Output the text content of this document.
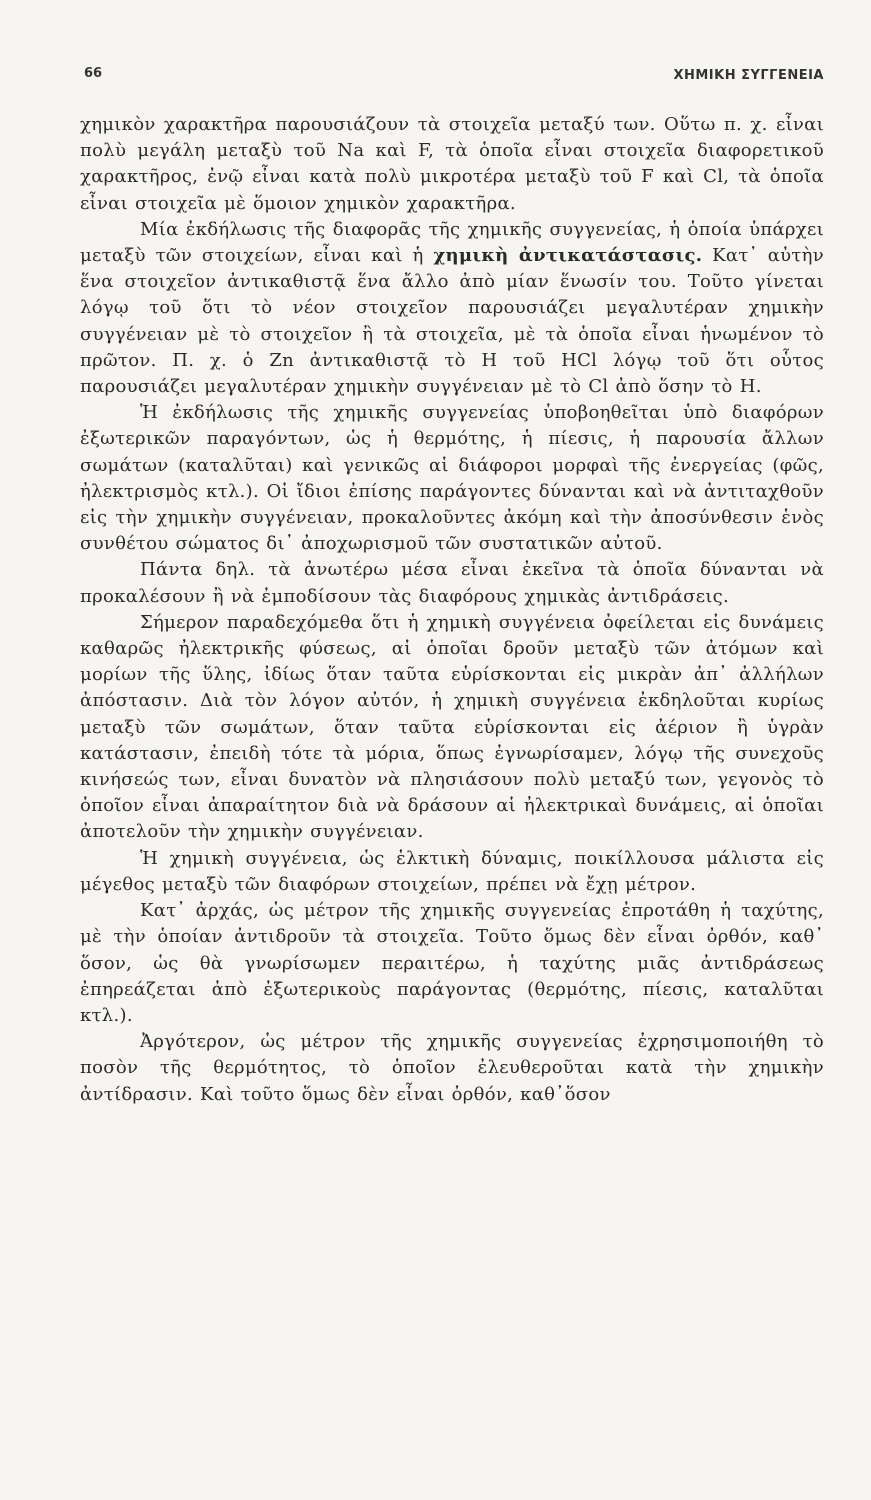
66	ΧΗΜΙΚΗ ΣΥΓΓΕΝΕΙΑ

χημικὸν χαρακτῆρα παρουσιάζουν τὰ στοιχεῖα μεταξύ των. Οὕτω π. χ. εἶναι πολὺ μεγάλη μεταξὺ τοῦ Na καὶ F, τὰ ὁποῖα εἶναι στοιχεῖα διαφορετικοῦ χαρακτῆρος, ἐνῷ εἶναι κατὰ πολὺ μικροτέρα μεταξὺ τοῦ F καὶ Cl, τὰ ὁποῖα εἶναι στοιχεῖα μὲ ὅμοιον χημικὸν χαρακτῆρα.

Μία ἐκδήλωσις τῆς διαφορᾶς τῆς χημικῆς συγγενείας, ἡ ὁποία ὑπάρχει μεταξὺ τῶν στοιχείων, εἶναι καὶ ἡ χημικὴ ἀντικατάστασις. Κατ᾽ αὐτὴν ἕνα στοιχεῖον ἀντικαθιστᾷ ἕνα ἄλλο ἀπὸ μίαν ἕνωσίν του. Τοῦτο γίνεται λόγῳ τοῦ ὅτι τὸ νέον στοιχεῖον παρουσιάζει μεγαλυτέραν χημικὴν συγγένειαν μὲ τὸ στοιχεῖον ἢ τὰ στοιχεῖα, μὲ τὰ ὁποῖα εἶναι ἡνωμένον τὸ πρῶτον. Π. χ. ὁ Zn ἀντικαθιστᾷ τὸ H τοῦ HCl λόγῳ τοῦ ὅτι οὗτος παρουσιάζει μεγαλυτέραν χημικὴν συγγένειαν μὲ τὸ Cl ἀπὸ ὅσην τὸ H.

Ἡ ἐκδήλωσις τῆς χημικῆς συγγενείας ὑποβοηθεῖται ὑπὸ διαφόρων ἐξωτερικῶν παραγόντων, ὡς ἡ θερμότης, ἡ πίεσις, ἡ παρουσία ἄλλων σωμάτων (καταλῦται) καὶ γενικῶς αἱ διάφοροι μορφαὶ τῆς ἐνεργείας (φῶς, ἠλεκτρισμὸς κτλ.). Οἱ ἴδιοι ἐπίσης παράγοντες δύνανται καὶ νὰ ἀντιταχθοῦν εἰς τὴν χημικὴν συγγένειαν, προκαλοῦντες ἀκόμη καὶ τὴν ἀποσύνθεσιν ἑνὸς συνθέτου σώματος δι᾽ ἀποχωρισμοῦ τῶν συστατικῶν αὐτοῦ.

Πάντα δηλ. τὰ ἀνωτέρω μέσα εἶναι ἐκεῖνα τὰ ὁποῖα δύνανται νὰ προκαλέσουν ἢ νὰ ἐμποδίσουν τὰς διαφόρους χημικὰς ἀντιδράσεις.

Σήμερον παραδεχόμεθα ὅτι ἡ χημικὴ συγγένεια ὀφείλεται εἰς δυνάμεις καθαρῶς ἠλεκτρικῆς φύσεως, αἱ ὁποῖαι δροῦν μεταξὺ τῶν ἀτόμων καὶ μορίων τῆς ὕλης, ἰδίως ὅταν ταῦτα εὑρίσκονται εἰς μικρὰν ἀπ᾽ ἀλλήλων ἀπόστασιν. Διὰ τὸν λόγον αὐτόν, ἡ χημικὴ συγγένεια ἐκδηλοῦται κυρίως μεταξὺ τῶν σωμάτων, ὅταν ταῦτα εὑρίσκονται εἰς ἀέριον ἢ ὑγρὰν κατάστασιν, ἐπειδὴ τότε τὰ μόρια, ὅπως ἐγνωρίσαμεν, λόγῳ τῆς συνεχοῦς κινήσεώς των, εἶναι δυνατὸν νὰ πλησιάσουν πολὺ μεταξύ των, γεγονὸς τὸ ὁποῖον εἶναι ἀπαραίτητον διὰ νὰ δράσουν αἱ ἠλεκτρικαὶ δυνάμεις, αἱ ὁποῖαι ἀποτελοῦν τὴν χημικὴν συγγένειαν.

Ἡ χημικὴ συγγένεια, ὡς ἑλκτικὴ δύναμις, ποικίλλουσα μάλιστα εἰς μέγεθος μεταξὺ τῶν διαφόρων στοιχείων, πρέπει νὰ ἔχῃ μέτρον.

Κατ᾽ ἀρχάς, ὡς μέτρον τῆς χημικῆς συγγενείας ἐπροτάθη ἡ ταχύτης, μὲ τὴν ὁποίαν ἀντιδροῦν τὰ στοιχεῖα. Τοῦτο ὅμως δὲν εἶναι ὀρθόν, καθ᾽ ὅσον, ὡς θὰ γνωρίσωμεν περαιτέρω, ἡ ταχύτης μιᾶς ἀντιδράσεως ἐπηρεάζεται ἀπὸ ἐξωτερικοὺς παράγοντας (θερμότης, πίεσις, καταλῦται κτλ.).

Ἀργότερον, ὡς μέτρον τῆς χημικῆς συγγενείας ἐχρησιμοποιήθη τὸ ποσὸν τῆς θερμότητος, τὸ ὁποῖον ἐλευθεροῦται κατὰ τὴν χημικὴν ἀντίδρασιν. Καὶ τοῦτο ὅμως δὲν εἶναι ὀρθόν, καθ᾽ὅσον
